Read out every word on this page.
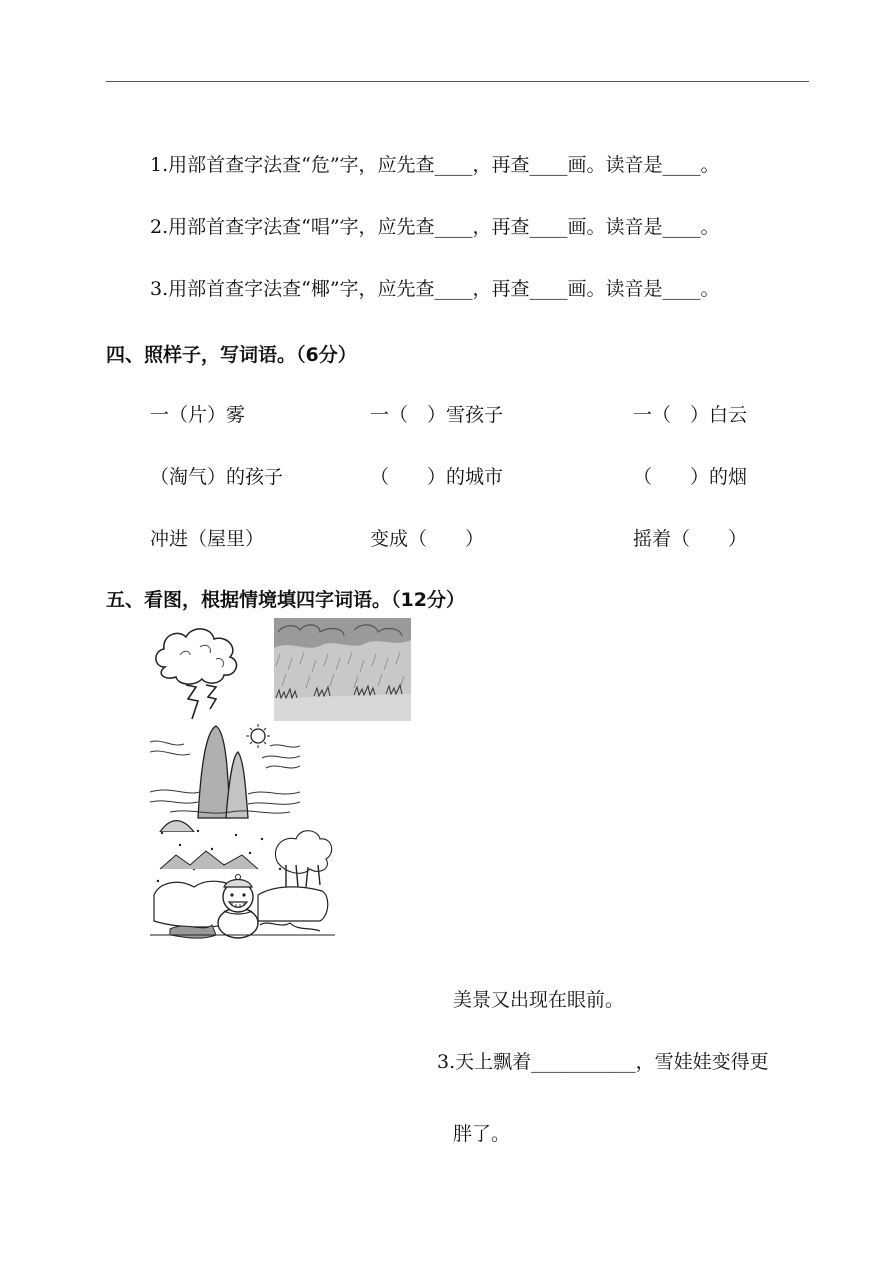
1.用部首查字法查“危”字，应先查____，再查____画。读音是____。
2.用部首查字法查“唱”字，应先查____，再查____画。读音是____。
3.用部首查字法查“椰”字，应先查____，再查____画。读音是____。
四、照样子，写词语。（6分）
一（片）雾	一（　）雪孩子	一（　）白云
（淘气）的孩子	（　　）的城市	（　　）的烟
冲进（屋里）	变成（　　）	摇着（　　）
五、看图，根据情境填四字词语。（12分）
美景又出现在眼前。
3.天上飘着___________，雪娃娃变得更
胖了。
